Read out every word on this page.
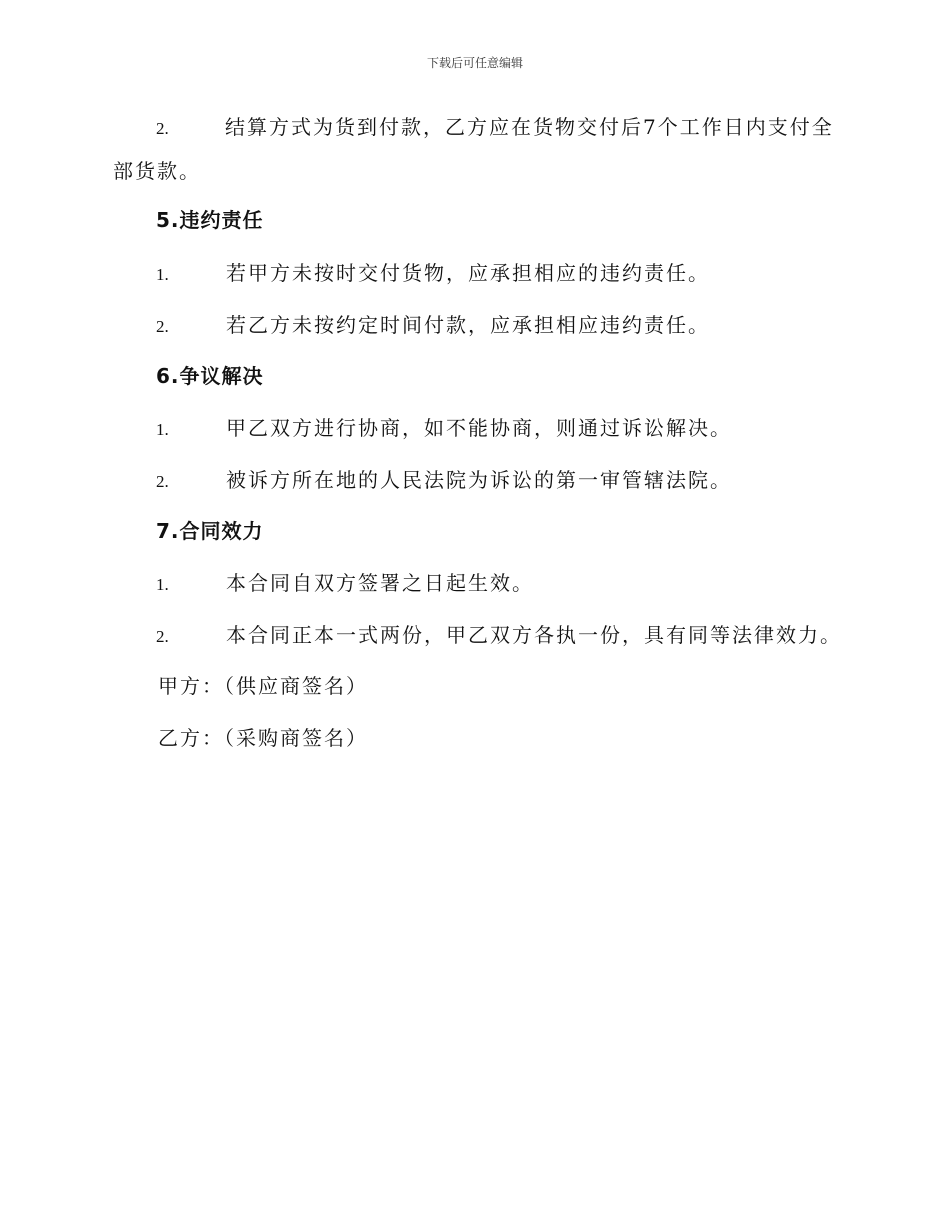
下载后可任意编辑
2.	结算方式为货到付款，乙方应在货物交付后7个工作日内支付全
部货款。
5.违约责任
1.	若甲方未按时交付货物，应承担相应的违约责任。
2.	若乙方未按约定时间付款，应承担相应违约责任。
6.争议解决
1.	甲乙双方进行协商，如不能协商，则通过诉讼解决。
2.	被诉方所在地的人民法院为诉讼的第一审管辖法院。
7.合同效力
1.	本合同自双方签署之日起生效。
2.	本合同正本一式两份，甲乙双方各执一份，具有同等法律效力。
甲方：（供应商签名）
乙方：（采购商签名）
